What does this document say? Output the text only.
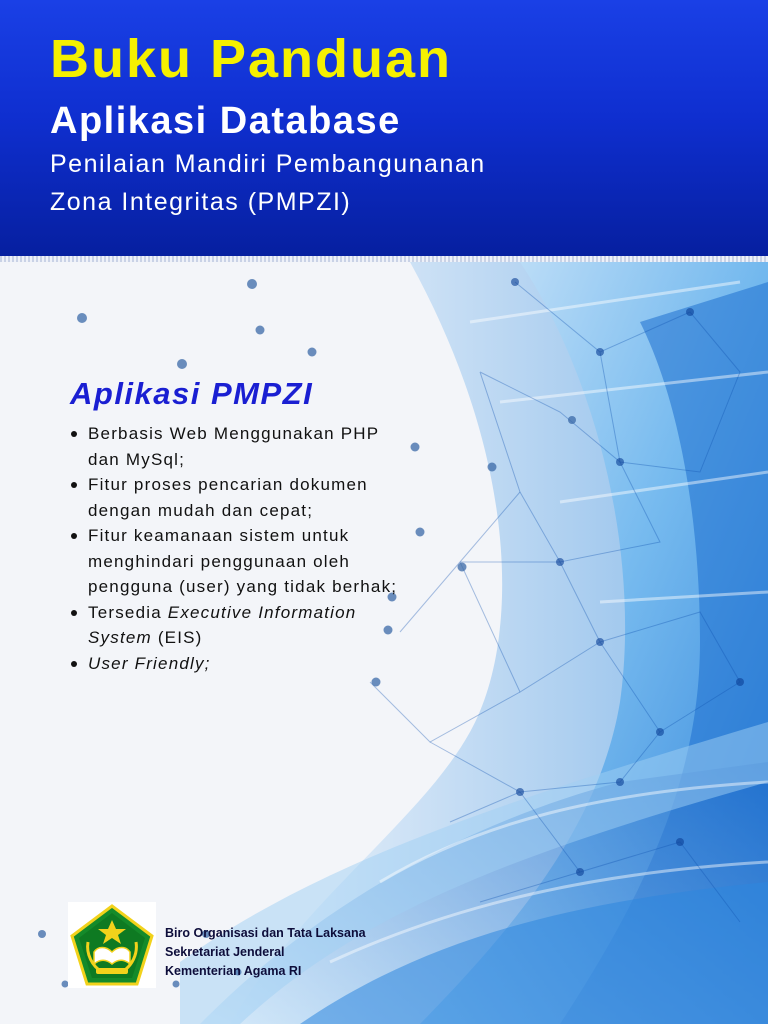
Buku Panduan
Aplikasi Database

Penilaian Mandiri Pembangunanan

Zona Integritas (PMPZI)

Aplikasi PMPZI
Berbasis Web Menggunakan PHP dan MySql;
Fitur proses pencarian dokumen dengan mudah dan cepat;
Fitur keamanaan sistem untuk menghindari penggunaan oleh pengguna (user) yang tidak berhak;
Tersedia Executive Information System (EIS)
User Friendly;
Biro Organisasi dan Tata Laksana
Sekretariat Jenderal
Kementerian Agama RI
